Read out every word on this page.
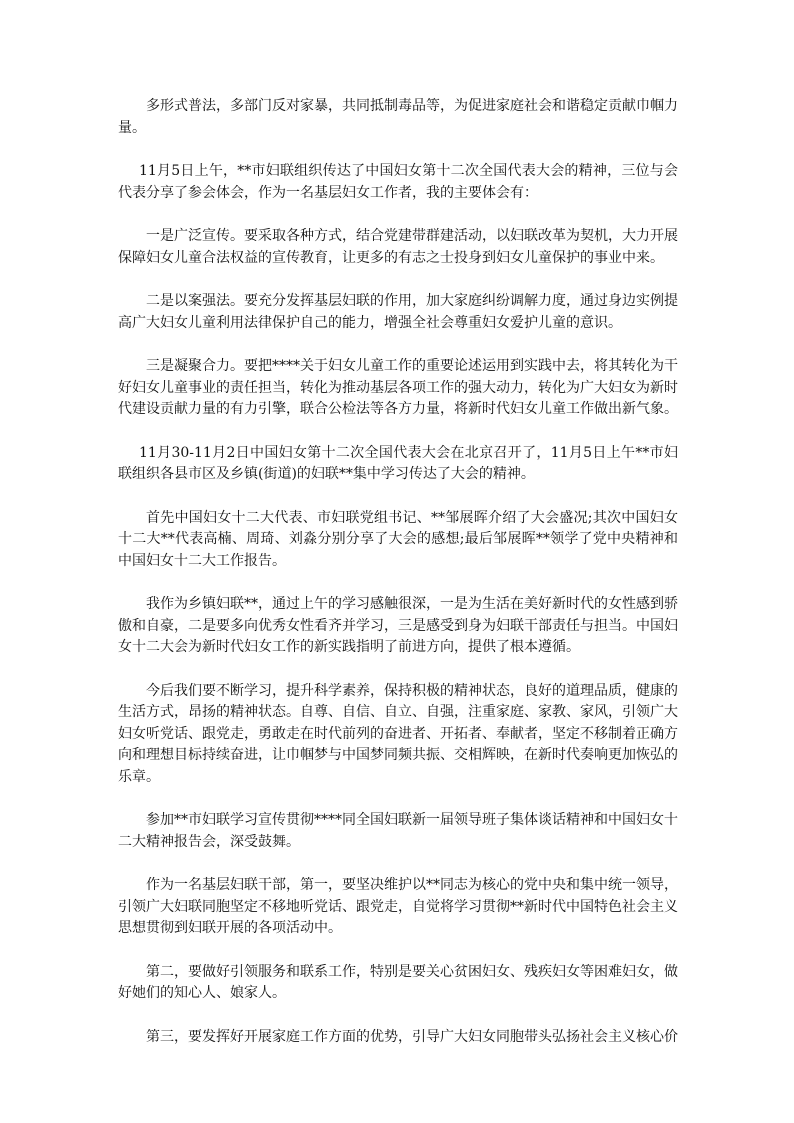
多形式普法，多部门反对家暴，共同抵制毒品等，为促进家庭社会和谐稳定贡献巾帼力量。

11月5日上午，**市妇联组织传达了中国妇女第十二次全国代表大会的精神，三位与会代表分享了参会体会，作为一名基层妇女工作者，我的主要体会有：

一是广泛宣传。要采取各种方式，结合党建带群建活动，以妇联改革为契机，大力开展保障妇女儿童合法权益的宣传教育，让更多的有志之士投身到妇女儿童保护的事业中来。

二是以案强法。要充分发挥基层妇联的作用，加大家庭纠纷调解力度，通过身边实例提高广大妇女儿童利用法律保护自己的能力，增强全社会尊重妇女爱护儿童的意识。

三是凝聚合力。要把****关于妇女儿童工作的重要论述运用到实践中去，将其转化为干好妇女儿童事业的责任担当，转化为推动基层各项工作的强大动力，转化为广大妇女为新时代建设贡献力量的有力引擎，联合公检法等各方力量，将新时代妇女儿童工作做出新气象。

11月30-11月2日中国妇女第十二次全国代表大会在北京召开了，11月5日上午**市妇联组织各县市区及乡镇(街道)的妇联**集中学习传达了大会的精神。

首先中国妇女十二大代表、市妇联党组书记、**邹展晖介绍了大会盛况;其次中国妇女十二大**代表高楠、周琦、刘淼分别分享了大会的感想;最后邹展晖**领学了党中央精神和中国妇女十二大工作报告。

我作为乡镇妇联**，通过上午的学习感触很深，一是为生活在美好新时代的女性感到骄傲和自豪，二是要多向优秀女性看齐并学习，三是感受到身为妇联干部责任与担当。中国妇女十二大会为新时代妇女工作的新实践指明了前进方向，提供了根本遵循。

今后我们要不断学习，提升科学素养，保持积极的精神状态，良好的道理品质，健康的生活方式，昂扬的精神状态。自尊、自信、自立、自强，注重家庭、家教、家风，引领广大妇女听党话、跟党走，勇敢走在时代前列的奋进者、开拓者、奉献者，坚定不移制着正确方向和理想目标持续奋进，让巾帼梦与中国梦同频共振、交相辉映，在新时代奏响更加恢弘的乐章。

参加**市妇联学习宣传贯彻****同全国妇联新一届领导班子集体谈话精神和中国妇女十二大精神报告会，深受鼓舞。

作为一名基层妇联干部，第一，要坚决维护以**同志为核心的党中央和集中统一领导，引领广大妇联同胞坚定不移地听党话、跟党走，自觉将学习贯彻**新时代中国特色社会主义思想贯彻到妇联开展的各项活动中。

第二，要做好引领服务和联系工作，特别是要关心贫困妇女、残疾妇女等困难妇女，做好她们的知心人、娘家人。

第三，要发挥好开展家庭工作方面的优势，引导广大妇女同胞带头弘扬社会主义核心价
